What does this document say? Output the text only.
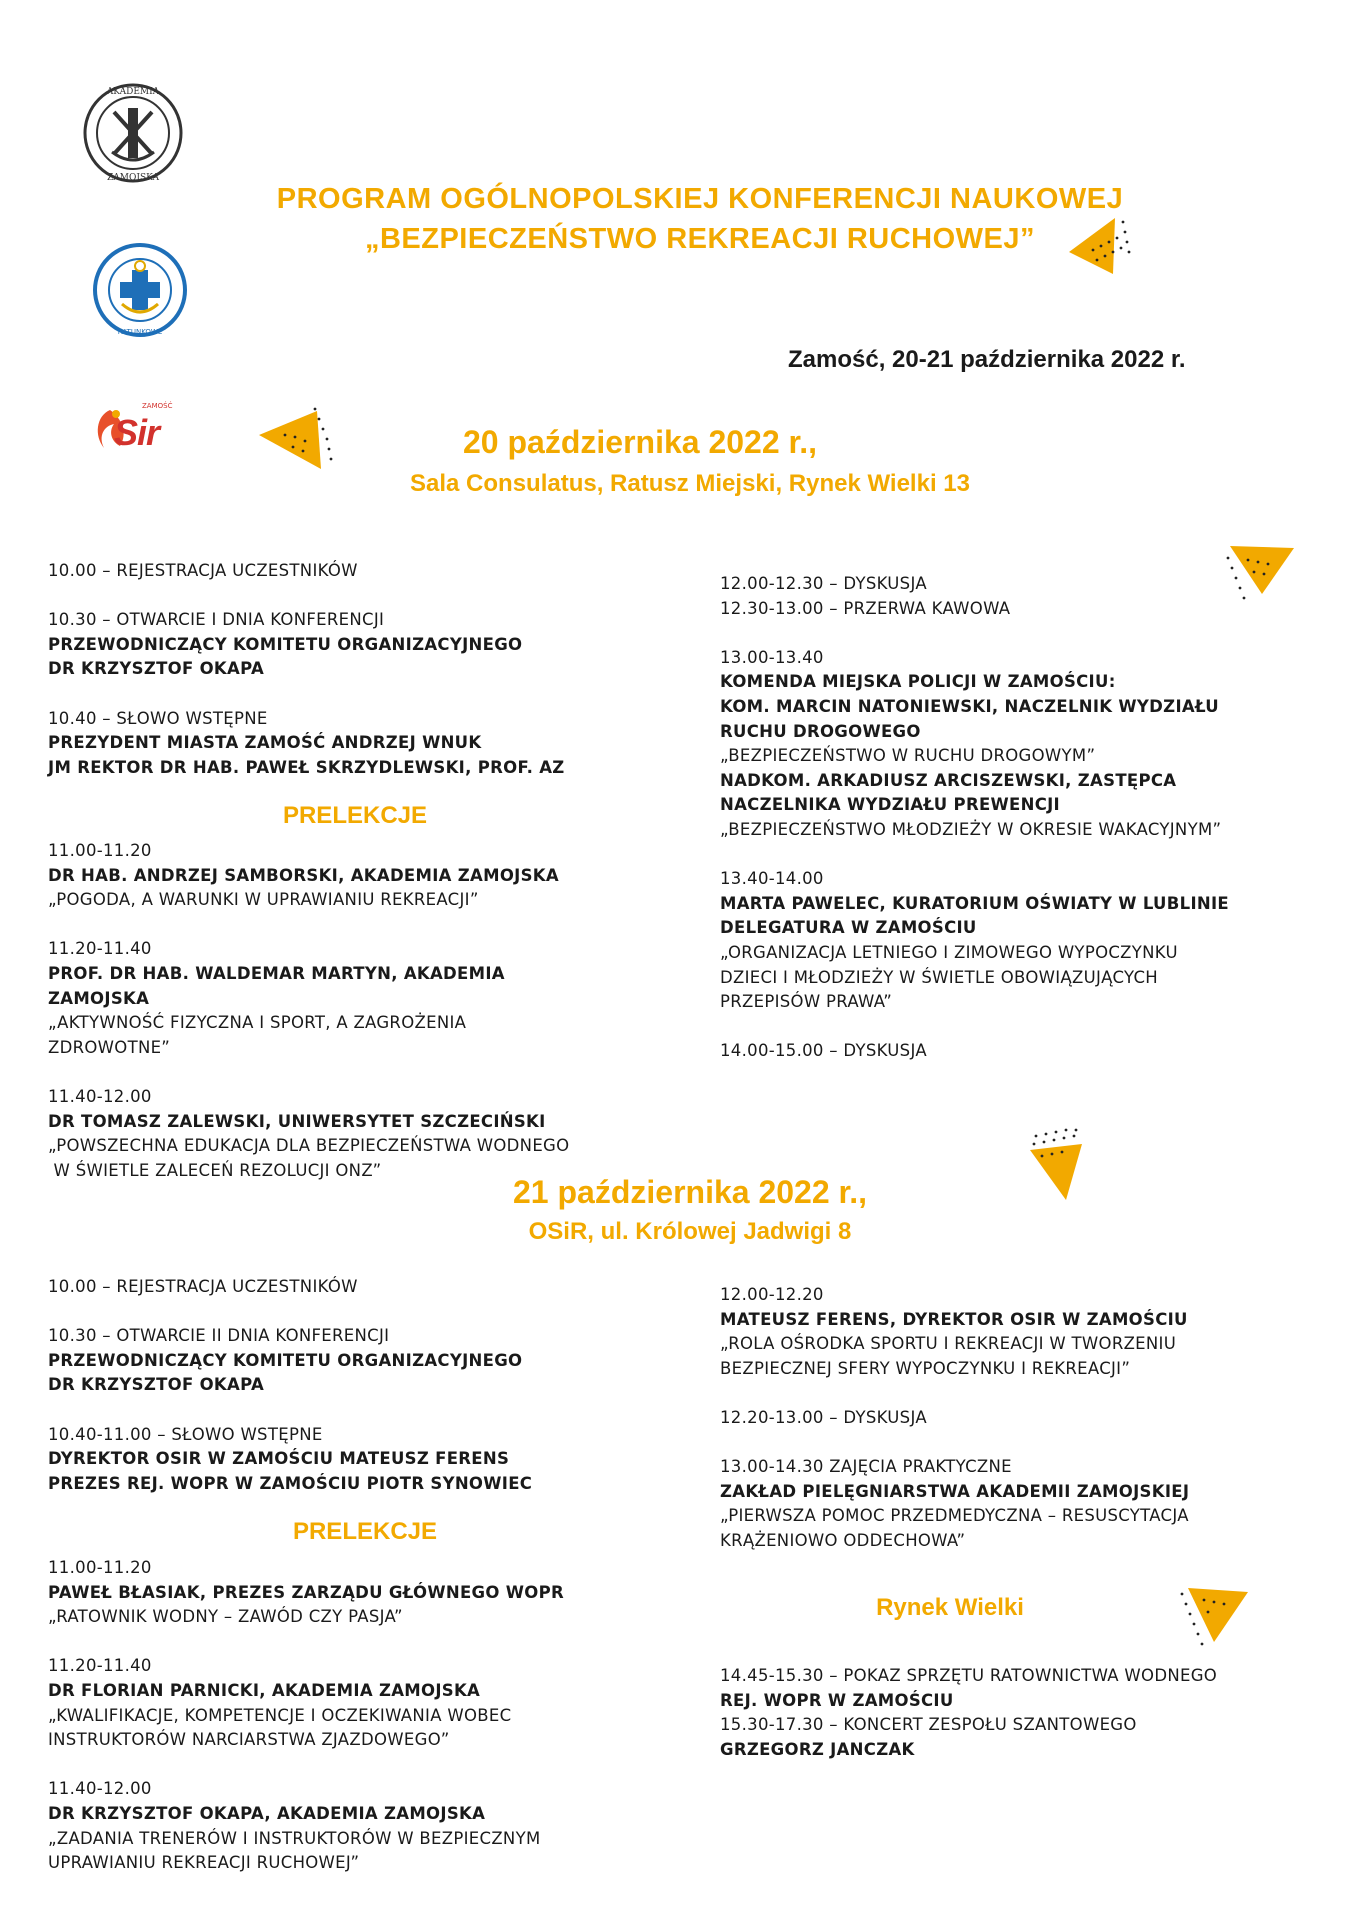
AKADEMIA
ZAMOJSKA
RATUNKOWE
ZAMOŚĆ
Sir
PROGRAM OGÓLNOPOLSKIEJ KONFERENCJI NAUKOWEJ
„BEZPIECZEŃSTWO REKREACJI RUCHOWEJ”
Zamość, 20-21 października 2022 r.
20 października 2022 r.,
Sala Consulatus, Ratusz Miejski, Rynek Wielki 13
10.00 – REJESTRACJA UCZESTNIKÓW
10.30 – OTWARCIE I DNIA KONFERENCJI
PRZEWODNICZĄCY KOMITETU ORGANIZACYJNEGO
DR KRZYSZTOF OKAPA
10.40 – SŁOWO WSTĘPNE
PREZYDENT MIASTA ZAMOŚĆ ANDRZEJ WNUK
JM REKTOR DR HAB. PAWEŁ SKRZYDLEWSKI, PROF. AZ
PRELEKCJE
11.00-11.20
DR HAB. ANDRZEJ SAMBORSKI, AKADEMIA ZAMOJSKA
„POGODA, A WARUNKI W UPRAWIANIU REKREACJI”
11.20-11.40
PROF. DR HAB. WALDEMAR MARTYN, AKADEMIA
ZAMOJSKA
„AKTYWNOŚĆ FIZYCZNA I SPORT, A ZAGROŻENIA
ZDROWOTNE”
11.40-12.00
DR TOMASZ ZALEWSKI, UNIWERSYTET SZCZECIŃSKI
„POWSZECHNA EDUKACJA DLA BEZPIECZEŃSTWA WODNEGO
W ŚWIETLE ZALECEŃ REZOLUCJI ONZ”
12.00-12.30 – DYSKUSJA
12.30-13.00 – PRZERWA KAWOWA
13.00-13.40
KOMENDA MIEJSKA POLICJI W ZAMOŚCIU:
KOM. MARCIN NATONIEWSKI, NACZELNIK WYDZIAŁU
RUCHU DROGOWEGO
„BEZPIECZEŃSTWO W RUCHU DROGOWYM”
NADKOM. ARKADIUSZ ARCISZEWSKI, ZASTĘPCA
NACZELNIKA WYDZIAŁU PREWENCJI
„BEZPIECZEŃSTWO MŁODZIEŻY W OKRESIE WAKACYJNYM”
13.40-14.00
MARTA PAWELEC, KURATORIUM OŚWIATY W LUBLINIE
DELEGATURA W ZAMOŚCIU
„ORGANIZACJA LETNIEGO I ZIMOWEGO WYPOCZYNKU
DZIECI I MŁODZIEŻY W ŚWIETLE OBOWIĄZUJĄCYCH
PRZEPISÓW PRAWA”
14.00-15.00 – DYSKUSJA
21 października 2022 r.,
OSiR, ul. Królowej Jadwigi 8
10.00 – REJESTRACJA UCZESTNIKÓW
10.30 – OTWARCIE II DNIA KONFERENCJI
PRZEWODNICZĄCY KOMITETU ORGANIZACYJNEGO
DR KRZYSZTOF OKAPA
10.40-11.00 – SŁOWO WSTĘPNE
DYREKTOR OSIR W ZAMOŚCIU MATEUSZ FERENS
PREZES REJ. WOPR W ZAMOŚCIU PIOTR SYNOWIEC
PRELEKCJE
11.00-11.20
PAWEŁ BŁASIAK, PREZES ZARZĄDU GŁÓWNEGO WOPR
„RATOWNIK WODNY – ZAWÓD CZY PASJA”
11.20-11.40
DR FLORIAN PARNICKI, AKADEMIA ZAMOJSKA
„KWALIFIKACJE, KOMPETENCJE I OCZEKIWANIA WOBEC
INSTRUKTORÓW NARCIARSTWA ZJAZDOWEGO”
11.40-12.00
DR KRZYSZTOF OKAPA, AKADEMIA ZAMOJSKA
„ZADANIA TRENERÓW I INSTRUKTORÓW W BEZPIECZNYM
UPRAWIANIU REKREACJI RUCHOWEJ”
12.00-12.20
MATEUSZ FERENS, DYREKTOR OSIR W ZAMOŚCIU
„ROLA OŚRODKA SPORTU I REKREACJI W TWORZENIU
BEZPIECZNEJ SFERY WYPOCZYNKU I REKREACJI”
12.20-13.00 – DYSKUSJA
13.00-14.30 ZAJĘCIA PRAKTYCZNE
ZAKŁAD PIELĘGNIARSTWA AKADEMII ZAMOJSKIEJ
„PIERWSZA POMOC PRZEDMEDYCZNA – RESUSCYTACJA
KRĄŻENIOWO ODDECHOWA”
Rynek Wielki
14.45-15.30 – POKAZ SPRZĘTU RATOWNICTWA WODNEGO
REJ. WOPR W ZAMOŚCIU
15.30-17.30 – KONCERT ZESPOŁU SZANTOWEGO
GRZEGORZ JANCZAK
